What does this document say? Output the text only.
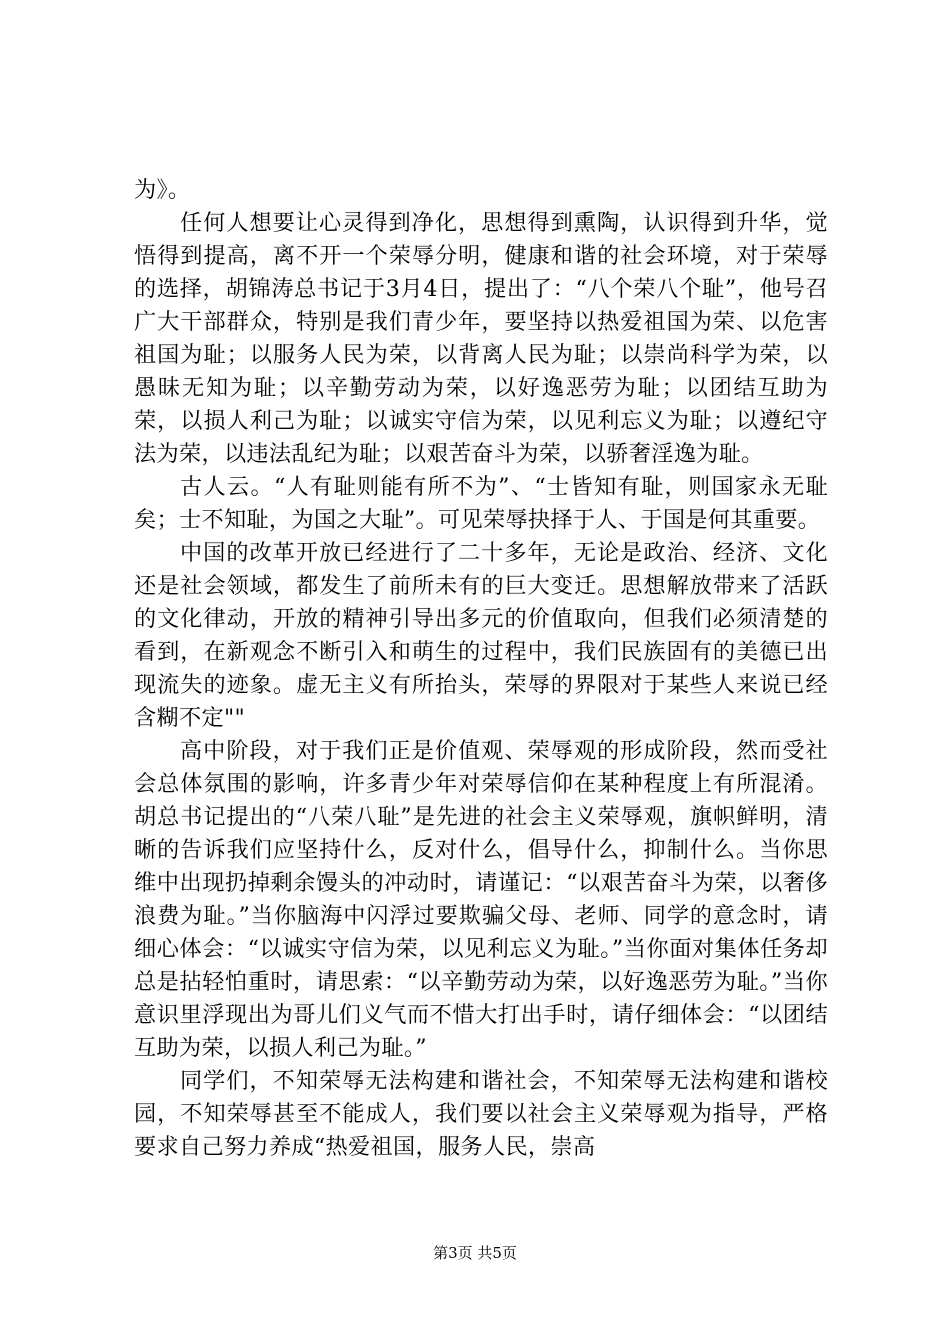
为》。

任何人想要让心灵得到净化，思想得到熏陶，认识得到升华，觉悟得到提高，离不开一个荣辱分明，健康和谐的社会环境，对于荣辱的选择，胡锦涛总书记于3月4日，提出了：“八个荣八个耻”，他号召广大干部群众，特别是我们青少年，要坚持以热爱祖国为荣、以危害祖国为耻；以服务人民为荣，以背离人民为耻；以崇尚科学为荣，以愚昧无知为耻；以辛勤劳动为荣，以好逸恶劳为耻；以团结互助为荣，以损人利己为耻；以诚实守信为荣，以见利忘义为耻；以遵纪守法为荣，以违法乱纪为耻；以艰苦奋斗为荣，以骄奢淫逸为耻。

古人云。“人有耻则能有所不为”、“士皆知有耻，则国家永无耻矣；士不知耻，为国之大耻”。可见荣辱抉择于人、于国是何其重要。

中国的改革开放已经进行了二十多年，无论是政治、经济、文化还是社会领域，都发生了前所未有的巨大变迁。思想解放带来了活跃的文化律动，开放的精神引导出多元的价值取向，但我们必须清楚的看到，在新观念不断引入和萌生的过程中，我们民族固有的美德已出现流失的迹象。虚无主义有所抬头，荣辱的界限对于某些人来说已经含糊不定""

高中阶段，对于我们正是价值观、荣辱观的形成阶段，然而受社会总体氛围的影响，许多青少年对荣辱信仰在某种程度上有所混淆。胡总书记提出的“八荣八耻”是先进的社会主义荣辱观，旗帜鲜明，清晰的告诉我们应坚持什么，反对什么，倡导什么，抑制什么。当你思维中出现扔掉剩余馒头的冲动时，请谨记：“以艰苦奋斗为荣，以奢侈浪费为耻。”当你脑海中闪浮过要欺骗父母、老师、同学的意念时，请细心体会：“以诚实守信为荣，以见利忘义为耻。”当你面对集体任务却总是拈轻怕重时，请思索：“以辛勤劳动为荣，以好逸恶劳为耻。”当你意识里浮现出为哥儿们义气而不惜大打出手时，请仔细体会：“以团结互助为荣，以损人利己为耻。”

同学们，不知荣辱无法构建和谐社会，不知荣辱无法构建和谐校园，不知荣辱甚至不能成人，我们要以社会主义荣辱观为指导，严格要求自己努力养成“热爱祖国，服务人民，崇高

第3页 共5页
